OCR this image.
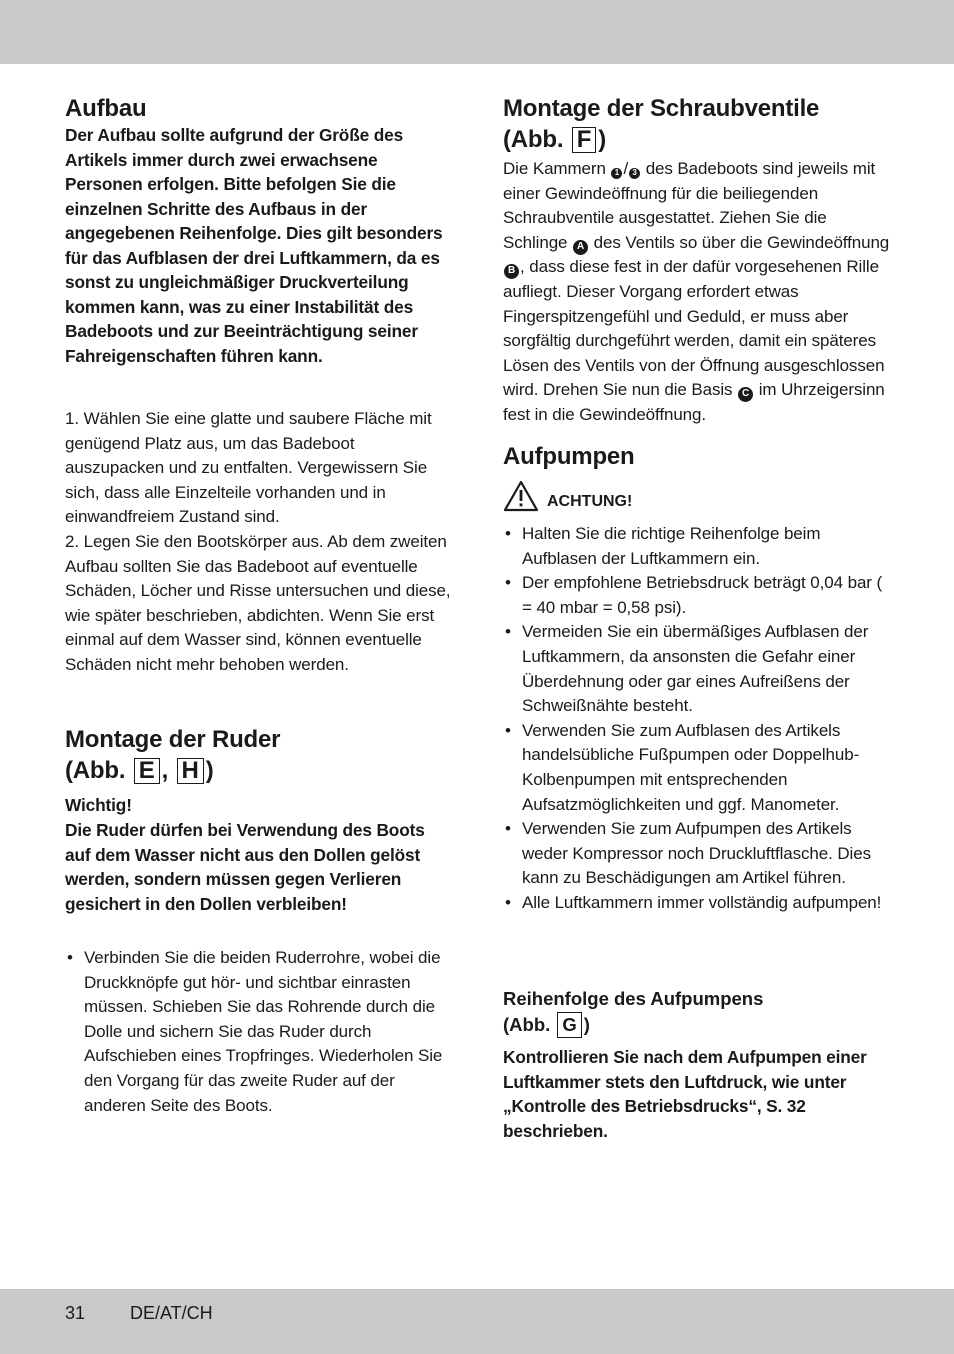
Aufbau

Der Aufbau sollte aufgrund der Größe des Artikels immer durch zwei erwachsene Personen erfolgen. Bitte befolgen Sie die einzelnen Schritte des Aufbaus in der angegebenen Reihenfolge. Dies gilt besonders für das Aufblasen der drei Luftkammern, da es sonst zu ungleichmäßiger Druckverteilung kommen kann, was zu einer Instabilität des Badeboots und zur Beeinträchtigung seiner Fahreigenschaften führen kann.

1. Wählen Sie eine glatte und saubere Fläche mit genügend Platz aus, um das Badeboot auszupacken und zu entfalten. Vergewissern Sie sich, dass alle Einzelteile vorhanden und in einwandfreiem Zustand sind.

2. Legen Sie den Bootskörper aus. Ab dem zweiten Aufbau sollten Sie das Badeboot auf eventuelle Schäden, Löcher und Risse untersuchen und diese, wie später beschrieben, abdichten. Wenn Sie erst einmal auf dem Wasser sind, können eventuelle Schäden nicht mehr behoben werden.

Montage der Ruder
(Abb. E , H )

Wichtig!

Die Ruder dürfen bei Verwendung des Boots auf dem Wasser nicht aus den Dollen gelöst werden, sondern müssen gegen Verlieren gesichert in den Dollen verbleiben!

• Verbinden Sie die beiden Ruderrohre, wobei die Druckknöpfe gut hör- und sichtbar einrasten müssen. Schieben Sie das Rohrende durch die Dolle und sichern Sie das Ruder durch Aufschieben eines Tropfringes. Wiederholen Sie den Vorgang für das zweite Ruder auf der anderen Seite des Boots.
Montage der Schraubventile
(Abb. F )

Die Kammern 1 / 3 des Badeboots sind jeweils mit einer Gewindeöffnung für die beiliegenden Schraubventile ausgestattet. Ziehen Sie die Schlinge A des Ventils so über die Gewindeöffnung B , dass diese fest in der dafür vorgesehenen Rille aufliegt. Dieser Vorgang erfordert etwas Fingerspitzengefühl und Geduld, er muss aber sorgfältig durchgeführt werden, damit ein späteres Lösen des Ventils von der Öffnung ausgeschlossen wird. Drehen Sie nun die Basis C im Uhrzeigersinn fest in die Gewindeöffnung.

Aufpumpen
ACHTUNG!
• Halten Sie die richtige Reihenfolge beim Aufblasen der Luftkammern ein.
• Der empfohlene Betriebsdruck beträgt 0,04 bar ( = 40 mbar = 0,58 psi).
• Vermeiden Sie ein übermäßiges Aufblasen der Luftkammern, da ansonsten die Gefahr einer Überdehnung oder gar eines Aufreißens der Schweißnähte besteht.
• Verwenden Sie zum Aufblasen des Artikels handelsübliche Fußpumpen oder Doppelhub-Kolbenpumpen mit entsprechenden Aufsatzmöglichkeiten und ggf. Manometer.
• Verwenden Sie zum Aufpumpen des Artikels weder Kompressor noch Druckluftflasche. Dies kann zu Beschädigungen am Artikel führen.
• Alle Luftkammern immer vollständig aufpumpen!
Reihenfolge des Aufpumpens
(Abb. G )

Kontrollieren Sie nach dem Aufpumpen einer Luftkammer stets den Luftdruck, wie unter „Kontrolle des Betriebsdrucks“, S. 32 beschrieben.

31 DE/AT/CH
